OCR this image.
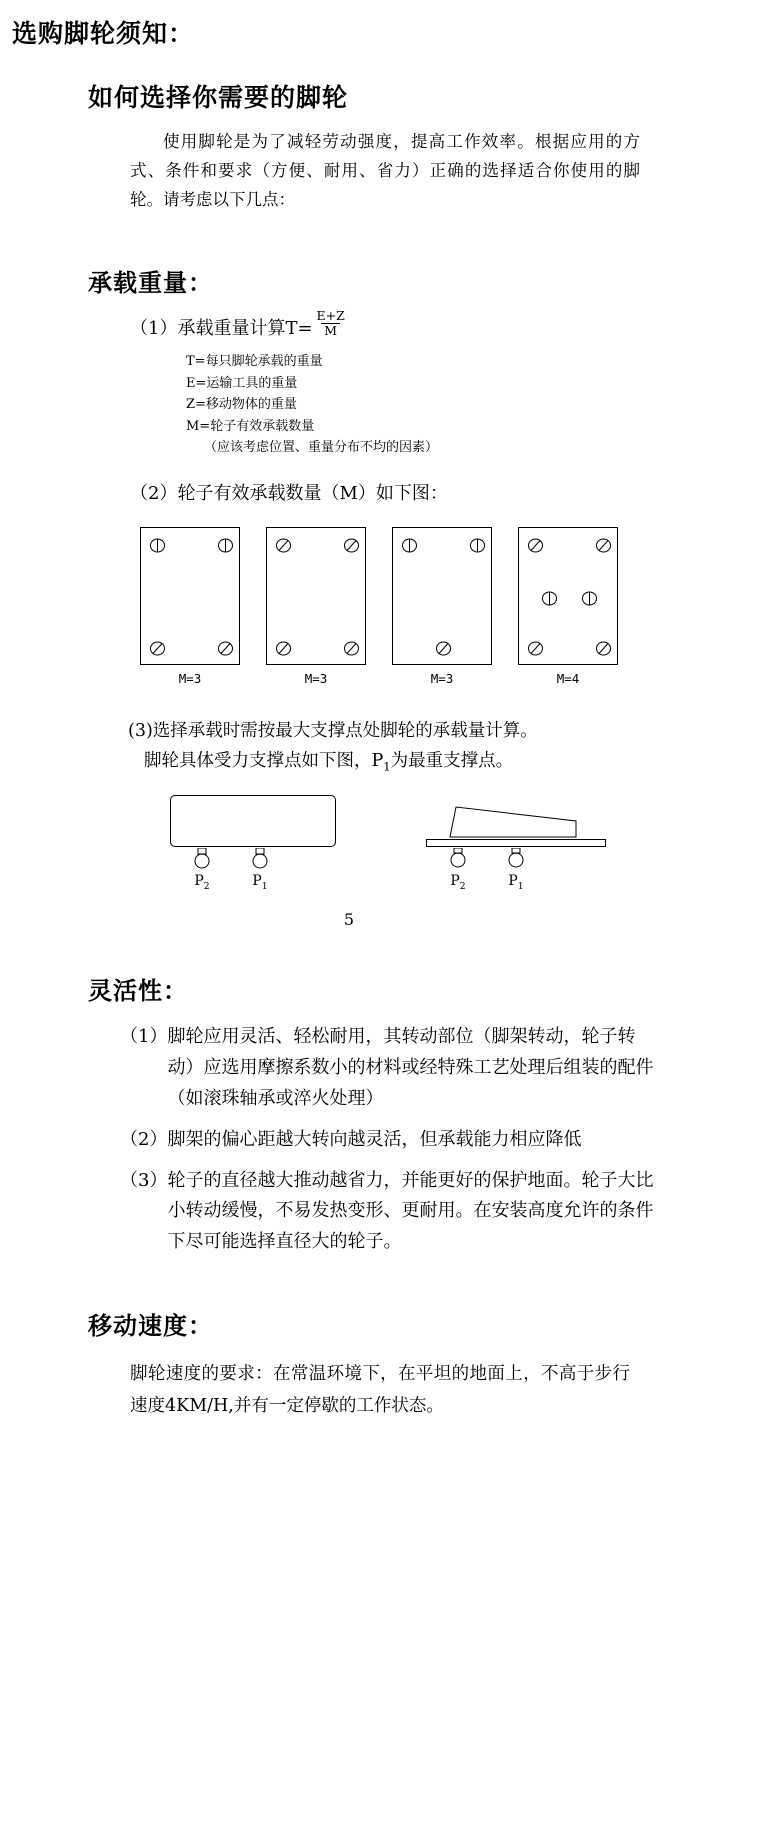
选购脚轮须知：
如何选择你需要的脚轮
使用脚轮是为了减轻劳动强度，提高工作效率。根据应用的方式、条件和要求（方便、耐用、省力）正确的选择适合你使用的脚轮。请考虑以下几点：
承载重量：
（1）承载重量计算$T= \frac{E+Z}{M}$
T=每只脚轮承载的重量
E=运输工具的重量
Z=移动物体的重量
M=轮子有效承载数量
（应该考虑位置、重量分布不均的因素）
（2）轮子有效承载数量（M）如下图：
M=3	M=3	M=3	M=4
(3)选择承载时需按最大支撑点处脚轮的承载量计算。
脚轮具体受力支撑点如下图，$P_1$为最重支撑点。
$P_2$	$P_1$	$P_2$	$P_1$
5
灵活性：
（1） 脚轮应用灵活、轻松耐用，其转动部位（脚架转动，轮子转动）应选用摩擦系数小的材料或经特殊工艺处理后组装的配件（如滚珠轴承或淬火处理）
（2） 脚架的偏心距越大转向越灵活，但承载能力相应降低
（3） 轮子的直径越大推动越省力，并能更好的保护地面。轮子大比小转动缓慢，不易发热变形、更耐用。在安装高度允许的条件下尽可能选择直径大的轮子。
移动速度：
脚轮速度的要求：在常温环境下，在平坦的地面上，不高于步行速度4KM/H,并有一定停歇的工作状态。
